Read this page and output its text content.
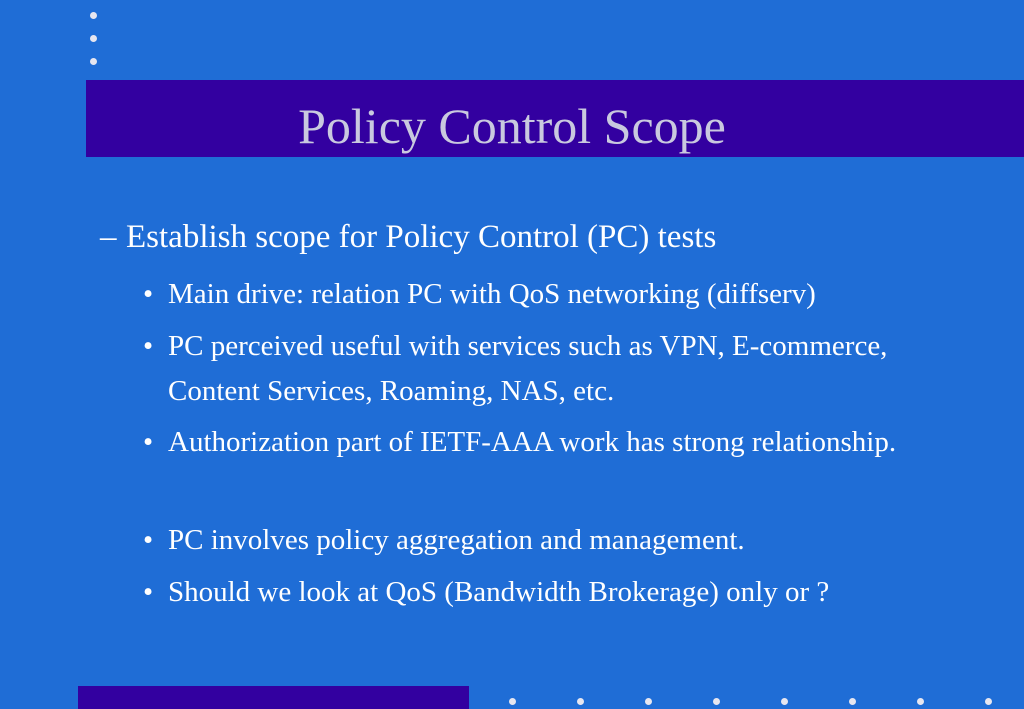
Policy Control Scope
– Establish scope for Policy Control (PC) tests
• Main drive: relation PC with QoS networking (diffserv)
• PC perceived useful with services such as VPN, E-commerce, Content Services, Roaming, NAS, etc.
• Authorization part of IETF-AAA work has strong relationship.
• PC involves policy aggregation and management.
• Should we look at QoS (Bandwidth Brokerage) only or ?
